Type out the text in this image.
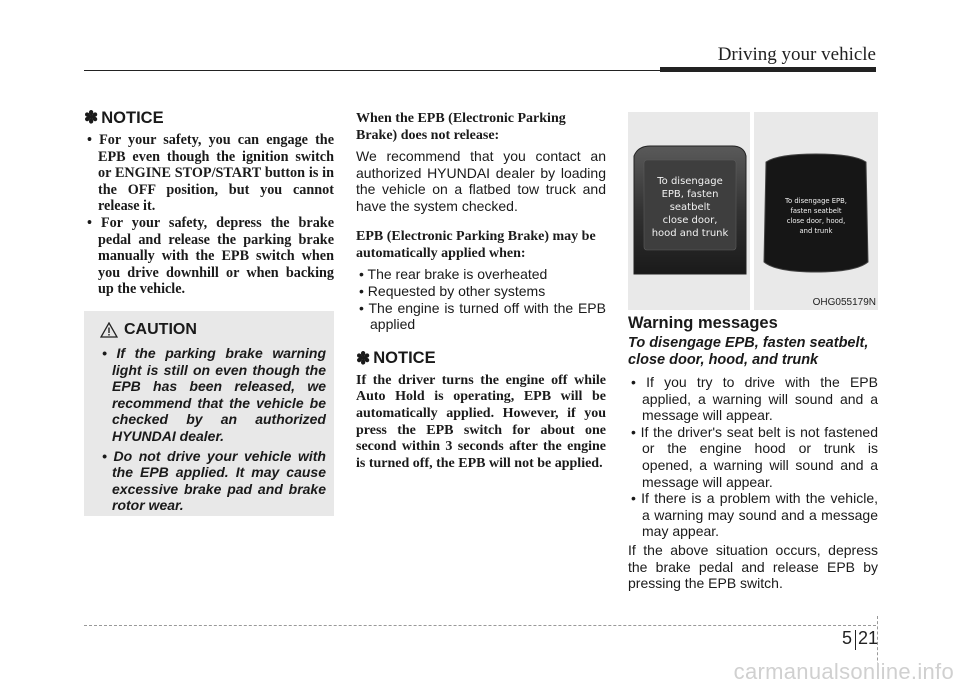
Driving your vehicle
✽ NOTICE
• For your safety, you can engage the EPB even though the ignition switch or ENGINE STOP/START button is in the OFF position, but you cannot release it.
• For your safety, depress the brake pedal and release the parking brake manually with the EPB switch when you drive downhill or when backing up the vehicle.
CAUTION
• If the parking brake warning light is still on even though the EPB has been released, we recommend that the vehicle be checked by an authorized HYUNDAI dealer.
• Do not drive your vehicle with the EPB applied. It may cause excessive brake pad and brake rotor wear.
When the EPB (Electronic Parking Brake) does not release:

We recommend that you contact an authorized HYUNDAI dealer by loading the vehicle on a flatbed tow truck and have the system checked.

EPB (Electronic Parking Brake) may be automatically applied when:
• The rear brake is overheated
• Requested by other systems
• The engine is turned off with the EPB applied
✽ NOTICE

If the driver turns the engine off while Auto Hold is operating, EPB will be automatically applied. However, if you press the EPB switch for about one second within 3 seconds after the engine is turned off, the EPB will not be applied.

To disengage
EPB, fasten
seatbelt
close door,
hood and trunk
To disengage EPB,
fasten seatbelt
close door, hood,
and trunk
OHG055179N
Warning messages
To disengage EPB, fasten seatbelt, close door, hood, and trunk
• If you try to drive with the EPB applied, a warning will sound and a message will appear.
• If the driver's seat belt is not fastened or the engine hood or trunk is opened, a warning will sound and a message will appear.
• If there is a problem with the vehicle, a warning may sound and a message may appear.

If the above situation occurs, depress the brake pedal and release EPB by pressing the EPB switch.

5 21
carmanualsonline.info
